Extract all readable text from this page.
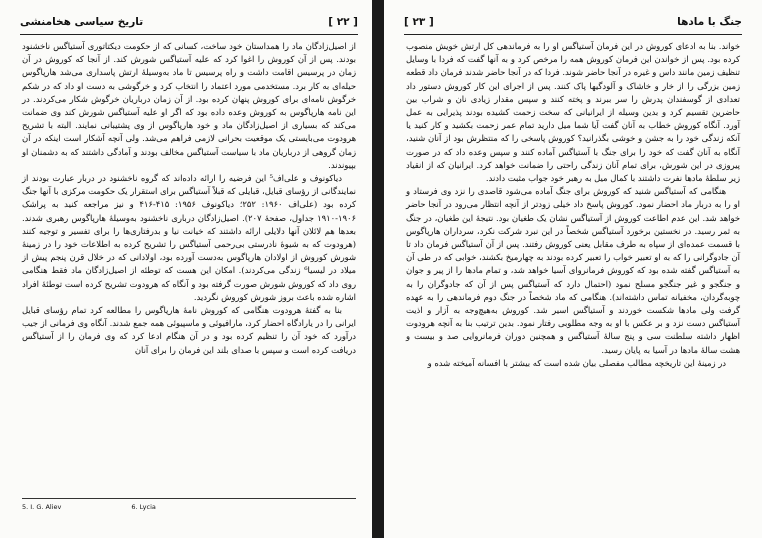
[ ۲۲ ]
تاریخ سیاسی هخامنشی

از اصیل‌زادگان ماد را همداستان خود ساخت، کسانی که از حکومت دیکتاتوری آستیاگس ناخشنود بودند. پس از آن کوروش را اغوا کرد که علیه آستیاگس شورش کند. از آنجا که کوروش در آن زمان در پرسیس اقامت داشت و راه پرسیس تا ماد به‌وسیلهٔ ارتش پاسداری می‌شد هارپاگوس حیله‌ای به کار برد. مستخدمی مورد اعتماد را انتخاب کرد و خرگوشی به دست او داد که در شکم خرگوش نامه‌ای برای کوروش پنهان کرده بود. از آن زمان درباریان خرگوش شکار می‌کردند. در این نامه هارپاگوس به کوروش وعده داده بود که اگر او علیه آستیاگس شورش کند وی ضمانت می‌کند که بسیاری از اصیل‌زادگان ماد و خود هارپاگوس از وی پشتیبانی نمایند. البته با تشریح هرودوت می‌بایستی یک موقعیت بحرانی لازمی فراهم می‌شد. ولی آنچه آشکار است اینکه در آن زمان گروهی از درباریان ماد با سیاست آستیاگس مخالف بودند و آمادگی داشتند که به دشمنان او بپیوندند.

دیاکونوف و علی‌اف⁵ این فرضیه را ارائه داده‌اند که گروه ناخشنود در دربار عبارت بودند از نمایندگانی از رؤسای قبایل، قبایلی که قبلاً آستیاگس برای استقرار یک حکومت مرکزی با آنها جنگ کرده بود (علی‌اف ۱۹۶۰: ۲۵۲؛ دیاکونوف ۱۹۵۶: ۴۱۵-۴۱۶ و نیز مراجعه کنید به پراشک ۱۹۰۶-۱۹۱۰ جداول، صفحهٔ ۲۰۷). اصیل‌زادگان درباری ناخشنود به‌وسیلهٔ هارپاگوس رهبری شدند. بعدها هم لائلان آنها دلایلی ارائه داشتند که خیانت نیا و بدرفتاری‌ها را برای تفسیر و توجیه کنند (هرودوت که به شیوهٔ نادرستی بی‌رحمی آستیاگس را تشریح کرده به اطلاعات خود را در زمینهٔ شورش کوروش از اولادان هارپاگوس به‌دست آورده بود، اولادانی که در خلال قرن پنجم پیش از میلاد در لیسیا⁶ زندگی می‌کردند). امکان این هست که توطئه از اصیل‌زادگان ماد فقط هنگامی روی داد که کوروش شورش صورت گرفته بود و آنگاه که هرودوت تشریح کرده است توطئهٔ افراد اشاره شده باعث بروز شورش کوروش نگردید.

بنا به گفتهٔ هرودوت هنگامی که کوروش نامهٔ هارپاگوس را مطالعه کرد تمام رؤسای قبایل ایرانی را در یارادگاه احضار کرد، مارافیوئی و ماسپیوئی همه جمع شدند. آنگاه وی فرمانی از جیب درآورد که خود آن را تنظیم کرده بود و در آن هنگام ادعا کرد که وی فرمان را از آستیاگس دریافت کرده است و سپس با صدای بلند این فرمان را برای آنان

5. I. G. Aliev	6. Lycia
جنگ با مادها
[ ۲۳ ]

خواند. بنا به ادعای کوروش در این فرمان آستیاگس او را به فرماندهی کل ارتش خویش منصوب کرده بود. پس از خواندن این فرمان کوروش همه را مرخص کرد و به آنها گفت که فردا با وسایل تنظیف زمین مانند داس و غیره در آنجا حاضر شوند. فردا که در آنجا حاضر شدند فرمان داد قطعه زمین بزرگی را از خار و خاشاک و آلودگیها پاک کنند. پس از اجرای این کار کوروش دستور داد تعدادی از گوسفندان پدرش را سر ببرند و پخته کنند و سپس مقدار زیادی نان و شراب بین حاضرین تقسیم کرد و بدین وسیله از ایرانیانی که سخت زحمت کشیده بودند پذیرایی به عمل آورد. آنگاه کوروش خطاب به آنان گفت آیا شما میل دارید تمام عمر زحمت بکشید و کار کنید یا آنکه زندگی خود را به جشن و خوشی بگذرانید؟ کوروش پاسخی را که منتظرش بود از آنان شنید، آنگاه به آنان گفت که خود را برای جنگ با آستیاگس آماده کنند و سپس وعده داد که در صورت پیروزی در این شورش، برای تمام آنان زندگی راحتی را ضمانت خواهد کرد. ایرانیان که از انقیاد زیر سلطهٔ مادها نفرت داشتند با کمال میل به رهبر خود جواب مثبت دادند.

هنگامی که آستیاگس شنید که کوروش برای جنگ آماده می‌شود قاصدی را نزد وی فرستاد و او را به دربار ماد احضار نمود. کوروش پاسخ داد خیلی زودتر از آنچه انتظار می‌رود در آنجا حاضر خواهد شد. این عدم اطاعت کوروش از آستیاگس نشان یک طغیان بود. نتیجهٔ این طغیان، در جنگ به ثمر رسید. در نخستین برخورد آستیاگس شخصاً در این نبرد شرکت نکرد، سرداران هارپاگوس با قسمت عمده‌ای از سپاه به طرف مقابل یعنی کوروش رفتند. پس از آن آستیاگس فرمان داد تا آن جادوگرانی را که به او تعبیر خواب را تعبیر کرده بودند به چهارمیخ بکشند، خوابی که در طی آن به آستیاگس گفته شده بود که کوروش فرمانروای آسیا خواهد شد، و تمام مادها را از پیر و جوان و جنگجو و غیر جنگجو مسلح نمود (احتمال دارد که آستیاگس پس از آن که جادوگران را به چوبه‌گردان، مخفیانه تماس داشته‌اند). هنگامی که ماد شخصاً در جنگ دوم فرماندهی را به عهده گرفت ولی مادها شکست خوردند و آستیاگس اسیر شد. کوروش به‌هیچ‌وجه به آزار و اذیت آستیاگس دست نزد و بر عکس با او به وجه مطلوبی رفتار نمود. بدین ترتیب بنا به آنچه هرودوت اظهار داشته سلطنت سی و پنج سالهٔ آستیاگس و همچنین دوران فرمانروایی صد و بیست و هشت سالهٔ مادها در آسیا به پایان رسید.

در زمینهٔ این تاریخچه مطالب مفصلی بیان شده است که بیشتر با افسانه آمیخته شده و
